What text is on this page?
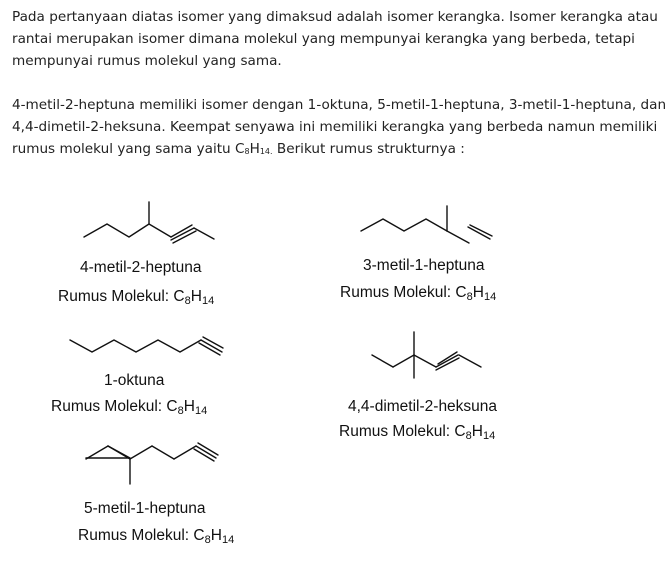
Pada pertanyaan diatas isomer yang dimaksud adalah isomer kerangka. Isomer kerangka atau
rantai merupakan isomer dimana molekul yang mempunyai kerangka yang berbeda, tetapi
mempunyai rumus molekul yang sama.

4-metil-2-heptuna memiliki isomer dengan 1-oktuna, 5-metil-1-heptuna, 3-metil-1-heptuna, dan
4,4-dimetil-2-heksuna. Keempat senyawa ini memiliki kerangka yang berbeda namun memiliki
rumus molekul yang sama yaitu $C_8H_{14.}$ Berikut rumus strukturnya :

4-metil-2-heptuna
Rumus Molekul: $C_8H_{14}$
3-metil-1-heptuna
Rumus Molekul: $C_8H_{14}$
1-oktuna
Rumus Molekul: $C_8H_{14}$	4,4-dimetil-2-heksuna
Rumus Molekul: $C_8H_{14}$
5-metil-1-heptuna
Rumus Molekul: $C_8H_{14}$
